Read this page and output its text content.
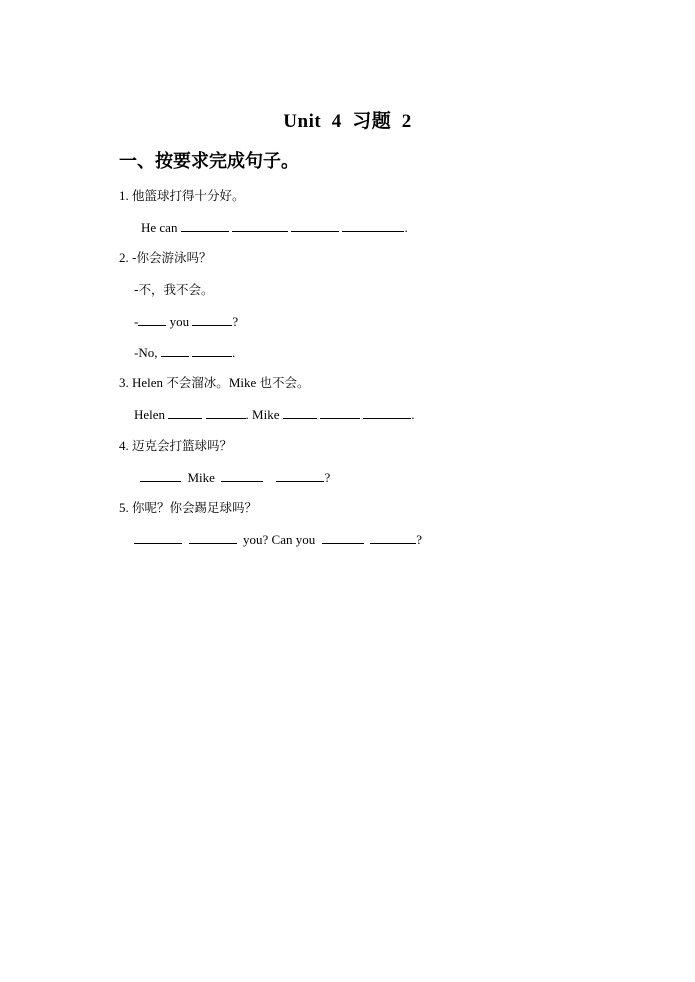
Unit  4  习题  2
一、按要求完成句子。
1. 他篮球打得十分好。
He can	.
2. -你会游泳吗？
-不，我不会。
- you	?
-No,	.
3. Helen 不会溜冰。Mike 也不会。
Helen	. Mike	.
4. 迈克会打篮球吗？
Mike	?
5. 你呢？你会踢足球吗？
you? Can you	?
